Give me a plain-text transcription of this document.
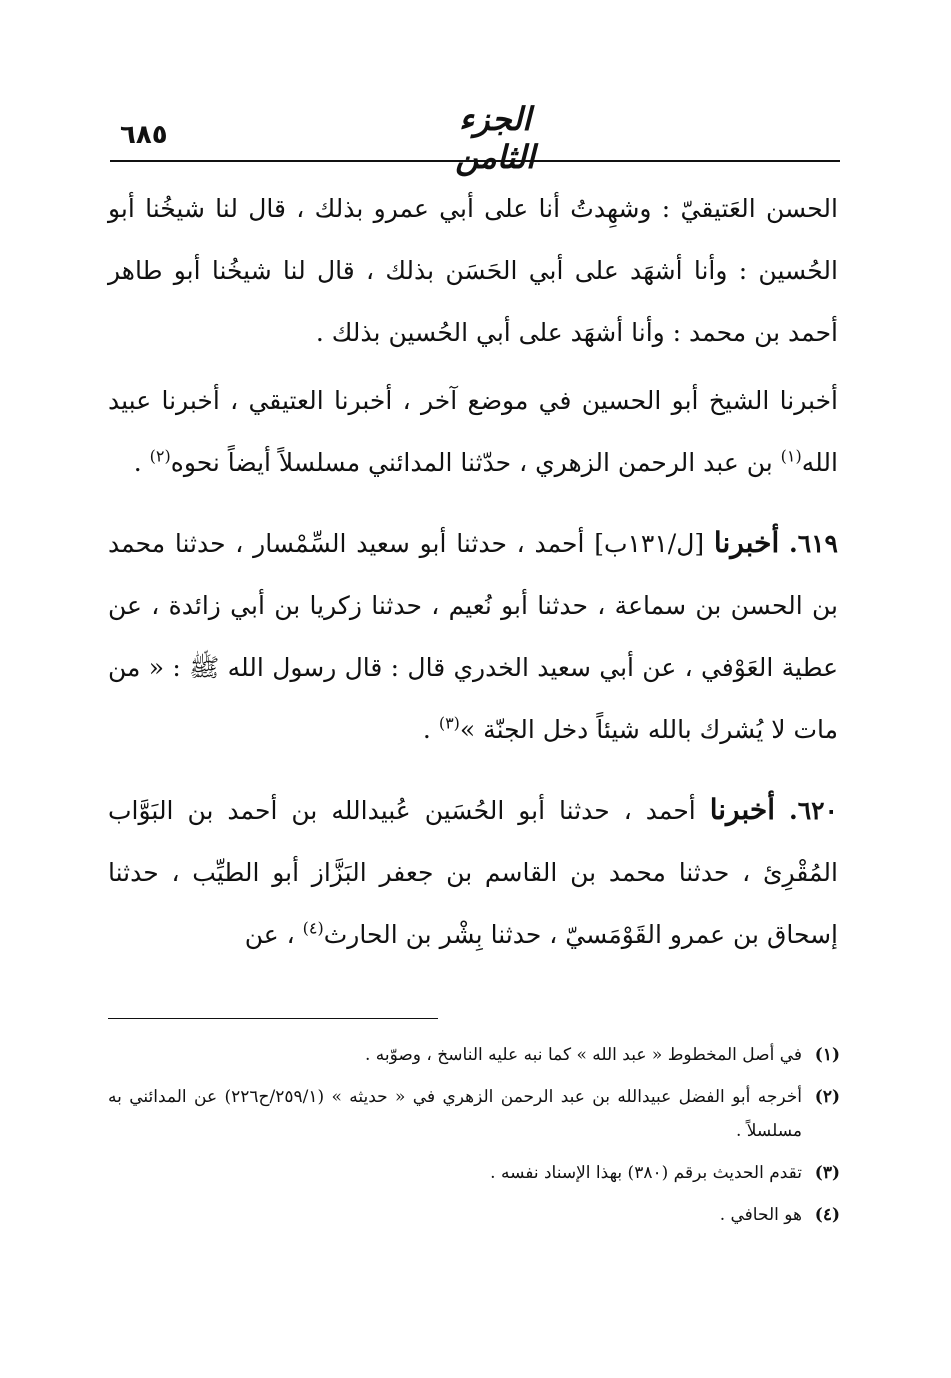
٦٨٥	الجزء الثامن

الحسن العَتيقيّ : وشهِدتُ أنا على أبي عمرو بذلك ، قال لنا شيخُنا أبو الحُسين : وأنا أشهَد على أبي الحَسَن بذلك ، قال لنا شيخُنا أبو طاهر أحمد بن محمد : وأنا أشهَد على أبي الحُسين بذلك .

أخبرنا الشيخ أبو الحسين في موضع آخر ، أخبرنا العتيقي ، أخبرنا عبيد الله$^{(١)}$ بن عبد الرحمن الزهري ، حدّثنا المدائني مسلسلاً أيضاً نحوه$^{(٢)}$ .

٦١٩. أخبرنا [ل/١٣١ب] أحمد ، حدثنا أبو سعيد السِّمْسار ، حدثنا محمد بن الحسن بن سماعة ، حدثنا أبو نُعيم ، حدثنا زكريا بن أبي زائدة ، عن عطية العَوْفي ، عن أبي سعيد الخدري قال : قال رسول الله ﷺ : « من مات لا يُشرك بالله شيئاً دخل الجنّة »$^{(٣)}$ .

٦٢٠. أخبرنا أحمد ، حدثنا أبو الحُسَين عُبيدالله بن أحمد بن البَوَّاب المُقْرِئ ، حدثنا محمد بن القاسم بن جعفر البَزَّاز أبو الطيِّب ، حدثنا إسحاق بن عمرو القَوْمَسيّ ، حدثنا بِشْر بن الحارث$^{(٤)}$ ، عن

(١)في أصل المخطوط « عبد الله » كما نبه عليه الناسخ ، وصوّبه .

(٢)أخرجه أبو الفضل عبيدالله بن عبد الرحمن الزهري في « حديثه » (٢٥٩/١/ح٢٢٦) عن المدائني به مسلسلاً .

(٣)تقدم الحديث برقم (٣٨٠) بهذا الإسناد نفسه .

(٤)هو الحافي .
